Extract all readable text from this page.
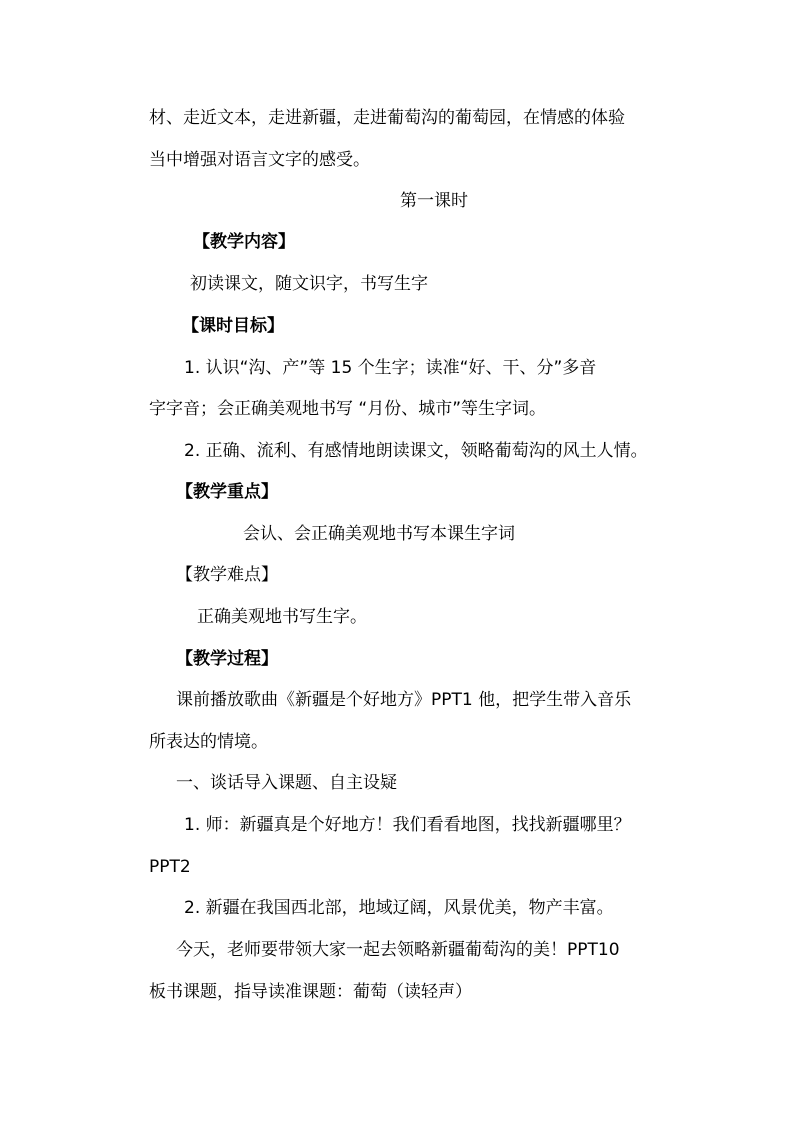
材、走近文本，走进新疆，走进葡萄沟的葡萄园，在情感的体验
当中增强对语言文字的感受。
第一课时
【教学内容】
初读课文，随文识字，书写生字
【课时目标】
1. 认识“沟、产”等 15 个生字；读准“好、干、分”多音
字字音；会正确美观地书写 “月份、城市”等生字词。
2. 正确、流利、有感情地朗读课文，领略葡萄沟的风土人情。
【教学重点】
会认、会正确美观地书写本课生字词
【教学难点】
正确美观地书写生字。
【教学过程】
课前播放歌曲《新疆是个好地方》PPT1 他，把学生带入音乐
所表达的情境。
一、谈话导入课题、自主设疑
1. 师：新疆真是个好地方！我们看看地图，找找新疆哪里？
PPT2
2. 新疆在我国西北部，地域辽阔，风景优美，物产丰富。
今天，老师要带领大家一起去领略新疆葡萄沟的美！PPT10
板书课题，指导读准课题：葡萄（读轻声）
